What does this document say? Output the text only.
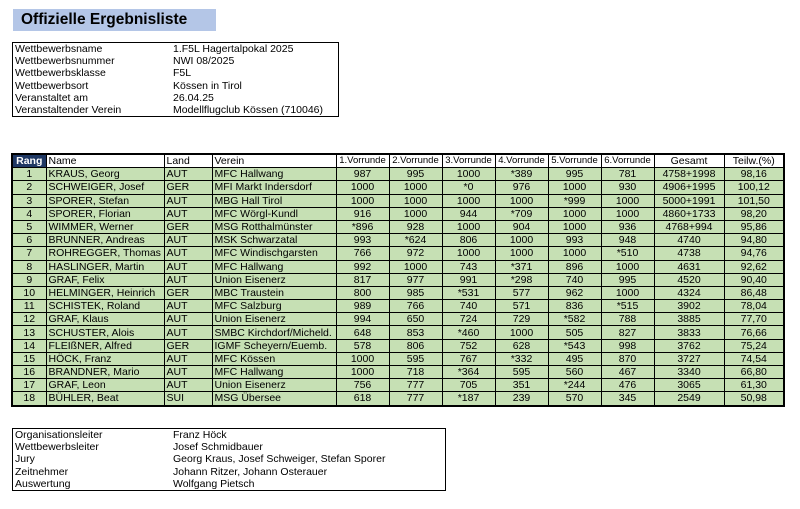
Offizielle Ergebnisliste
Wettbewerbsname	1.F5L Hagertalpokal 2025
Wettbewerbsnummer	NWI 08/2025
Wettbewerbsklasse	F5L
Wettbewerbsort	Kössen in Tirol
Veranstaltet am	26.04.25
Veranstaltender Verein	Modellflugclub Kössen (710046)
Rang	Name	Land	Verein	1.Vorrunde	2.Vorrunde	3.Vorrunde	4.Vorrunde	5.Vorrunde	6.Vorrunde	Gesamt	Teilw.(%)
1	KRAUS, Georg	AUT	MFC Hallwang	987	995	1000	*389	995	781	4758+1998	98,16
2	SCHWEIGER, Josef	GER	MFI Markt Indersdorf	1000	1000	*0	976	1000	930	4906+1995	100,12
3	SPORER, Stefan	AUT	MBG Hall Tirol	1000	1000	1000	1000	*999	1000	5000+1991	101,50
4	SPORER, Florian	AUT	MFC Wörgl-Kundl	916	1000	944	*709	1000	1000	4860+1733	98,20
5	WIMMER, Werner	GER	MSG Rotthalmünster	*896	928	1000	904	1000	936	4768+994	95,86
6	BRUNNER, Andreas	AUT	MSK Schwarzatal	993	*624	806	1000	993	948	4740	94,80
7	ROHREGGER, Thomas	AUT	MFC Windischgarsten	766	972	1000	1000	1000	*510	4738	94,76
8	HASLINGER, Martin	AUT	MFC Hallwang	992	1000	743	*371	896	1000	4631	92,62
9	GRAF, Felix	AUT	Union Eisenerz	817	977	991	*298	740	995	4520	90,40
10	HELMINGER, Heinrich	GER	MBC Traustein	800	985	*531	577	962	1000	4324	86,48
11	SCHISTEK, Roland	AUT	MFC Salzburg	989	766	740	571	836	*515	3902	78,04
12	GRAF, Klaus	AUT	Union Eisenerz	994	650	724	729	*582	788	3885	77,70
13	SCHUSTER, Alois	AUT	SMBC Kirchdorf/Micheld.	648	853	*460	1000	505	827	3833	76,66
14	FLEIßNER, Alfred	GER	IGMF Scheyern/Euemb.	578	806	752	628	*543	998	3762	75,24
15	HÖCK, Franz	AUT	MFC Kössen	1000	595	767	*332	495	870	3727	74,54
16	BRANDNER, Mario	AUT	MFC Hallwang	1000	718	*364	595	560	467	3340	66,80
17	GRAF, Leon	AUT	Union Eisenerz	756	777	705	351	*244	476	3065	61,30
18	BÜHLER, Beat	SUI	MSG Übersee	618	777	*187	239	570	345	2549	50,98
Organisationsleiter	Franz Höck
Wettbewerbsleiter	Josef Schmidbauer
Jury	Georg Kraus, Josef Schweiger, Stefan Sporer
Zeitnehmer	Johann Ritzer, Johann Osterauer
Auswertung	Wolfgang Pietsch
